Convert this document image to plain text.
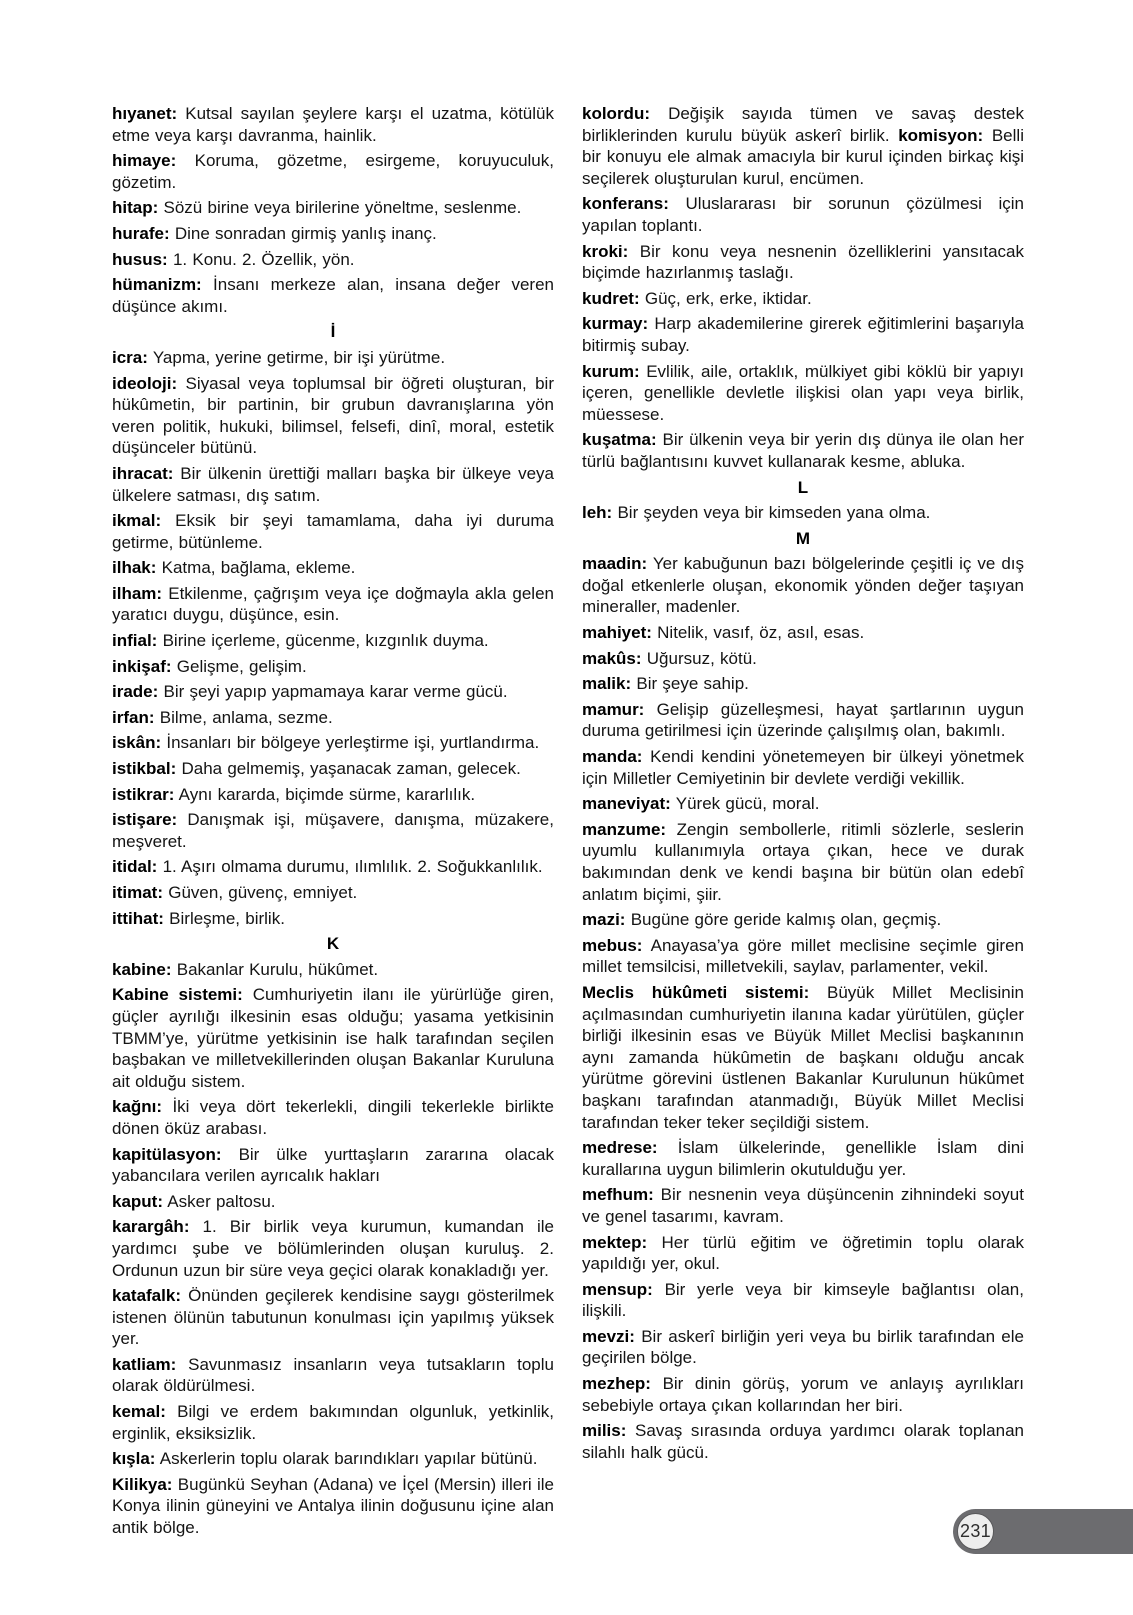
hıyanet: Kutsal sayılan şeylere karşı el uzatma, kötülük etme veya karşı davranma, hainlik.

himaye: Koruma, gözetme, esirgeme, koruyuculuk, gözetim.

hitap: Sözü birine veya birilerine yöneltme, seslenme.

hurafe: Dine sonradan girmiş yanlış inanç.

husus: 1. Konu. 2. Özellik, yön.

hümanizm: İnsanı merkeze alan, insana değer veren düşünce akımı.

İ

icra: Yapma, yerine getirme, bir işi yürütme.

ideoloji: Siyasal veya toplumsal bir öğreti oluşturan, bir hükûmetin, bir partinin, bir grubun davranışlarına yön veren politik, hukuki, bilimsel, felsefi, dinî, moral, estetik düşünceler bütünü.

ihracat: Bir ülkenin ürettiği malları başka bir ülkeye veya ülkelere satması, dış satım.

ikmal: Eksik bir şeyi tamamlama, daha iyi duruma getirme, bütünleme.

ilhak: Katma, bağlama, ekleme.

ilham: Etkilenme, çağrışım veya içe doğmayla akla gelen yaratıcı duygu, düşünce, esin.

infial: Birine içerleme, gücenme, kızgınlık duyma.

inkişaf: Gelişme, gelişim.

irade: Bir şeyi yapıp yapmamaya karar verme gücü.

irfan: Bilme, anlama, sezme.

iskân: İnsanları bir bölgeye yerleştirme işi, yurtlandırma.

istikbal: Daha gelmemiş, yaşanacak zaman, gelecek.

istikrar: Aynı kararda, biçimde sürme, kararlılık.

istişare: Danışmak işi, müşavere, danışma, müzakere, meşveret.

itidal: 1. Aşırı olmama durumu, ılımlılık. 2. Soğukkanlılık.

itimat: Güven, güvenç, emniyet.

ittihat: Birleşme, birlik.

K

kabine: Bakanlar Kurulu, hükûmet.

Kabine sistemi: Cumhuriyetin ilanı ile yürürlüğe giren, güçler ayrılığı ilkesinin esas olduğu; yasama yetkisinin TBMM’ye, yürütme yetkisinin ise halk tarafından seçilen başbakan ve milletvekillerinden oluşan Bakanlar Kuruluna ait olduğu sistem.

kağnı: İki veya dört tekerlekli, dingili tekerlekle birlikte dönen öküz arabası.

kapitülasyon: Bir ülke yurttaşların zararına olacak yabancılara verilen ayrıcalık hakları

kaput: Asker paltosu.

karargâh: 1. Bir birlik veya kurumun, kumandan ile yardımcı şube ve bölümlerinden oluşan kuruluş. 2. Ordunun uzun bir süre veya geçici olarak konakladığı yer.

katafalk: Önünden geçilerek kendisine saygı gösterilmek istenen ölünün tabutunun konulması için yapılmış yüksek yer.

katliam: Savunmasız insanların veya tutsakların toplu olarak öldürülmesi.

kemal: Bilgi ve erdem bakımından olgunluk, yetkinlik, erginlik, eksiksizlik.

kışla: Askerlerin toplu olarak barındıkları yapılar bütünü.

Kilikya: Bugünkü Seyhan (Adana) ve İçel (Mersin) illeri ile Konya ilinin güneyini ve Antalya ilinin doğusunu içine alan antik bölge.

kolordu: Değişik sayıda tümen ve savaş destek birliklerinden kurulu büyük askerî birlik. komisyon: Belli bir konuyu ele almak amacıyla bir kurul içinden birkaç kişi seçilerek oluşturulan kurul, encümen.

konferans: Uluslararası bir sorunun çözülmesi için yapılan toplantı.

kroki: Bir konu veya nesnenin özelliklerini yansıtacak biçimde hazırlanmış taslağı.

kudret: Güç, erk, erke, iktidar.

kurmay: Harp akademilerine girerek eğitimlerini başarıyla bitirmiş subay.

kurum: Evlilik, aile, ortaklık, mülkiyet gibi köklü bir yapıyı içeren, genellikle devletle ilişkisi olan yapı veya birlik, müessese.

kuşatma: Bir ülkenin veya bir yerin dış dünya ile olan her türlü bağlantısını kuvvet kullanarak kesme, abluka.

L

leh: Bir şeyden veya bir kimseden yana olma.

M

maadin: Yer kabuğunun bazı bölgelerinde çeşitli iç ve dış doğal etkenlerle oluşan, ekonomik yönden değer taşıyan mineraller, madenler.

mahiyet: Nitelik, vasıf, öz, asıl, esas.

makûs: Uğursuz, kötü.

malik: Bir şeye sahip.

mamur: Gelişip güzelleşmesi, hayat şartlarının uygun duruma getirilmesi için üzerinde çalışılmış olan, bakımlı.

manda: Kendi kendini yönetemeyen bir ülkeyi yönetmek için Milletler Cemiyetinin bir devlete verdiği vekillik.

maneviyat: Yürek gücü, moral.

manzume: Zengin sembollerle, ritimli sözlerle, seslerin uyumlu kullanımıyla ortaya çıkan, hece ve durak bakımından denk ve kendi başına bir bütün olan edebî anlatım biçimi, şiir.

mazi: Bugüne göre geride kalmış olan, geçmiş.

mebus: Anayasa’ya göre millet meclisine seçimle giren millet temsilcisi, milletvekili, saylav, parlamenter, vekil.

Meclis hükûmeti sistemi: Büyük Millet Meclisinin açılmasından cumhuriyetin ilanına kadar yürütülen, güçler birliği ilkesinin esas ve Büyük Millet Meclisi başkanının aynı zamanda hükûmetin de başkanı olduğu ancak yürütme görevini üstlenen Bakanlar Kurulunun hükûmet başkanı tarafından atanmadığı, Büyük Millet Meclisi tarafından teker teker seçildiği sistem.

medrese: İslam ülkelerinde, genellikle İslam dini kurallarına uygun bilimlerin okutulduğu yer.

mefhum: Bir nesnenin veya düşüncenin zihnindeki soyut ve genel tasarımı, kavram.

mektep: Her türlü eğitim ve öğretimin toplu olarak yapıldığı yer, okul.

mensup: Bir yerle veya bir kimseyle bağlantısı olan, ilişkili.

mevzi: Bir askerî birliğin yeri veya bu birlik tarafından ele geçirilen bölge.

mezhep: Bir dinin görüş, yorum ve anlayış ayrılıkları sebebiyle ortaya çıkan kollarından her biri.

milis: Savaş sırasında orduya yardımcı olarak toplanan silahlı halk gücü.

231
